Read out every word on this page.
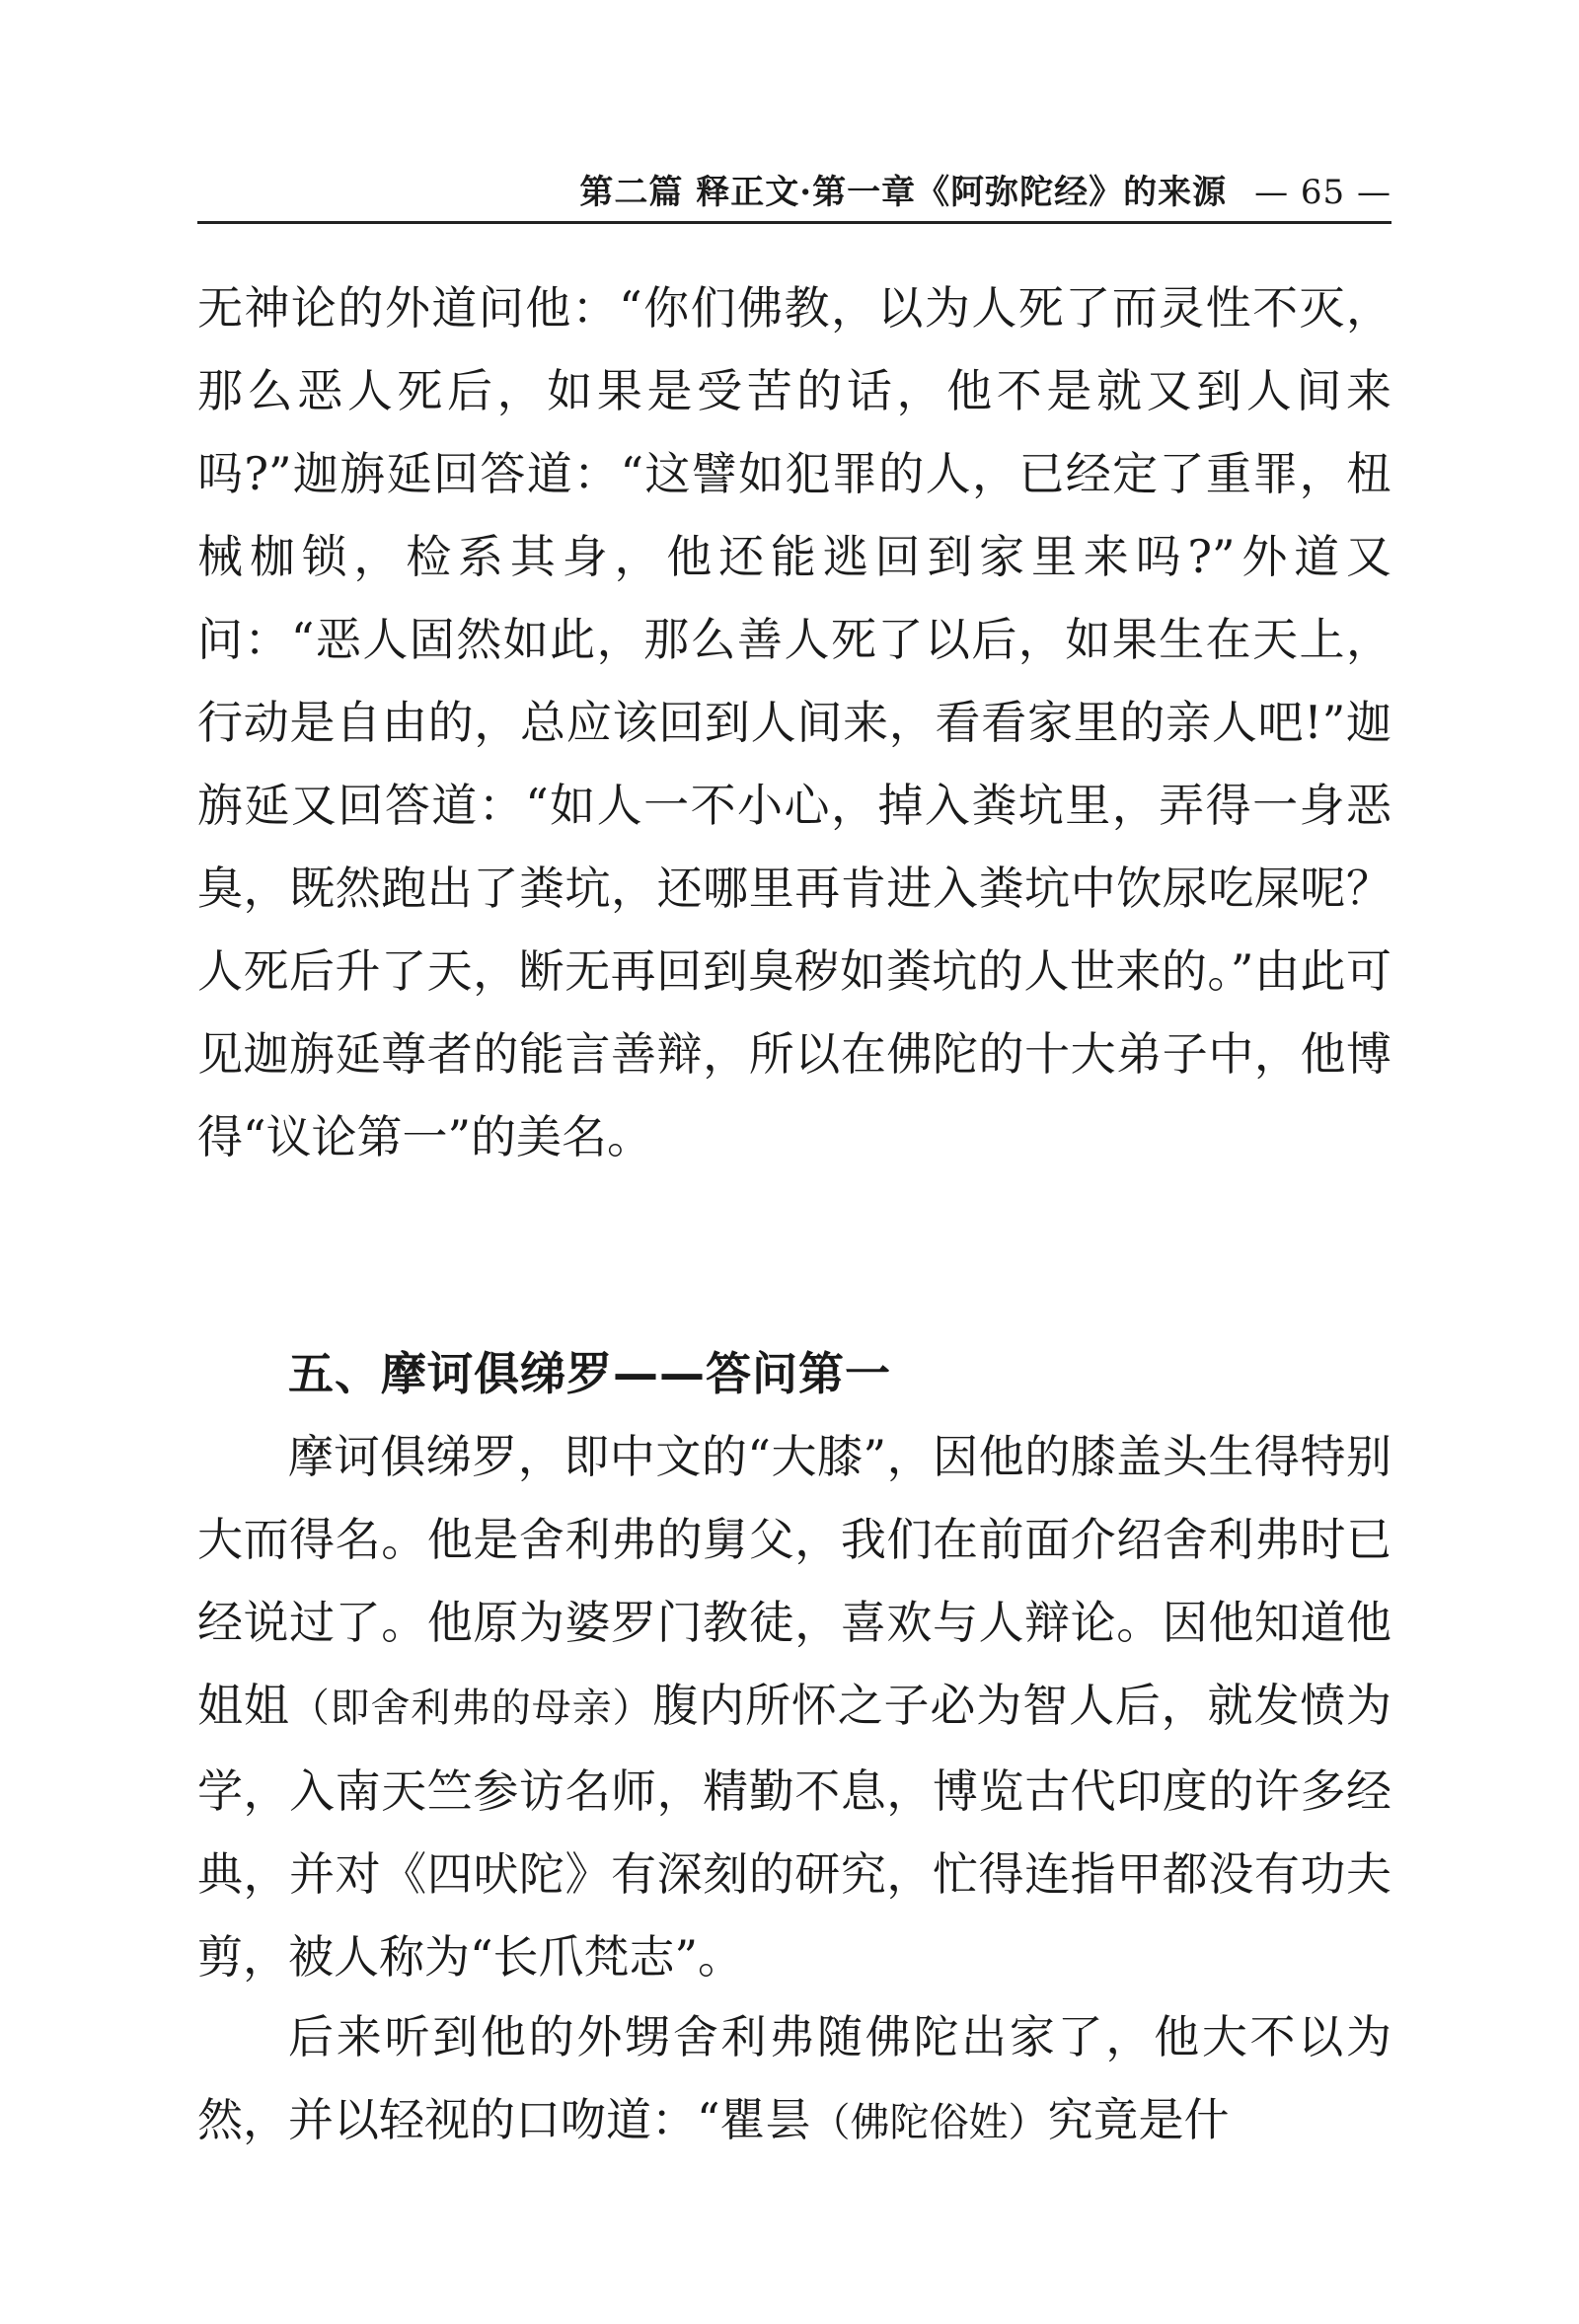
第二篇 释正文·第一章《阿弥陀经》的来源 — 65 —

无神论的外道问他：“你们佛教，以为人死了而灵性不灭，那么恶人死后，如果是受苦的话，他不是就又到人间来吗?”迦旃延回答道：“这譬如犯罪的人，已经定了重罪，杻械枷锁，检系其身，他还能逃回到家里来吗?”外道又问：“恶人固然如此，那么善人死了以后，如果生在天上，行动是自由的，总应该回到人间来，看看家里的亲人吧!”迦旃延又回答道：“如人一不小心，掉入粪坑里，弄得一身恶臭，既然跑出了粪坑，还哪里再肯进入粪坑中饮尿吃屎呢？人死后升了天，断无再回到臭秽如粪坑的人世来的。”由此可见迦旃延尊者的能言善辩，所以在佛陀的十大弟子中，他博得“议论第一”的美名。

五、摩诃俱绨罗——答问第一

摩诃俱绨罗，即中文的“大膝”，因他的膝盖头生得特别大而得名。他是舍利弗的舅父，我们在前面介绍舍利弗时已经说过了。他原为婆罗门教徒，喜欢与人辩论。因他知道他姐姐（即舍利弗的母亲）腹内所怀之子必为智人后，就发愤为学，入南天竺参访名师，精勤不息，博览古代印度的许多经典，并对《四吠陀》有深刻的研究，忙得连指甲都没有功夫剪，被人称为“长爪梵志”。

后来听到他的外甥舍利弗随佛陀出家了，他大不以为然，并以轻视的口吻道：“瞿昙（佛陀俗姓）究竟是什
